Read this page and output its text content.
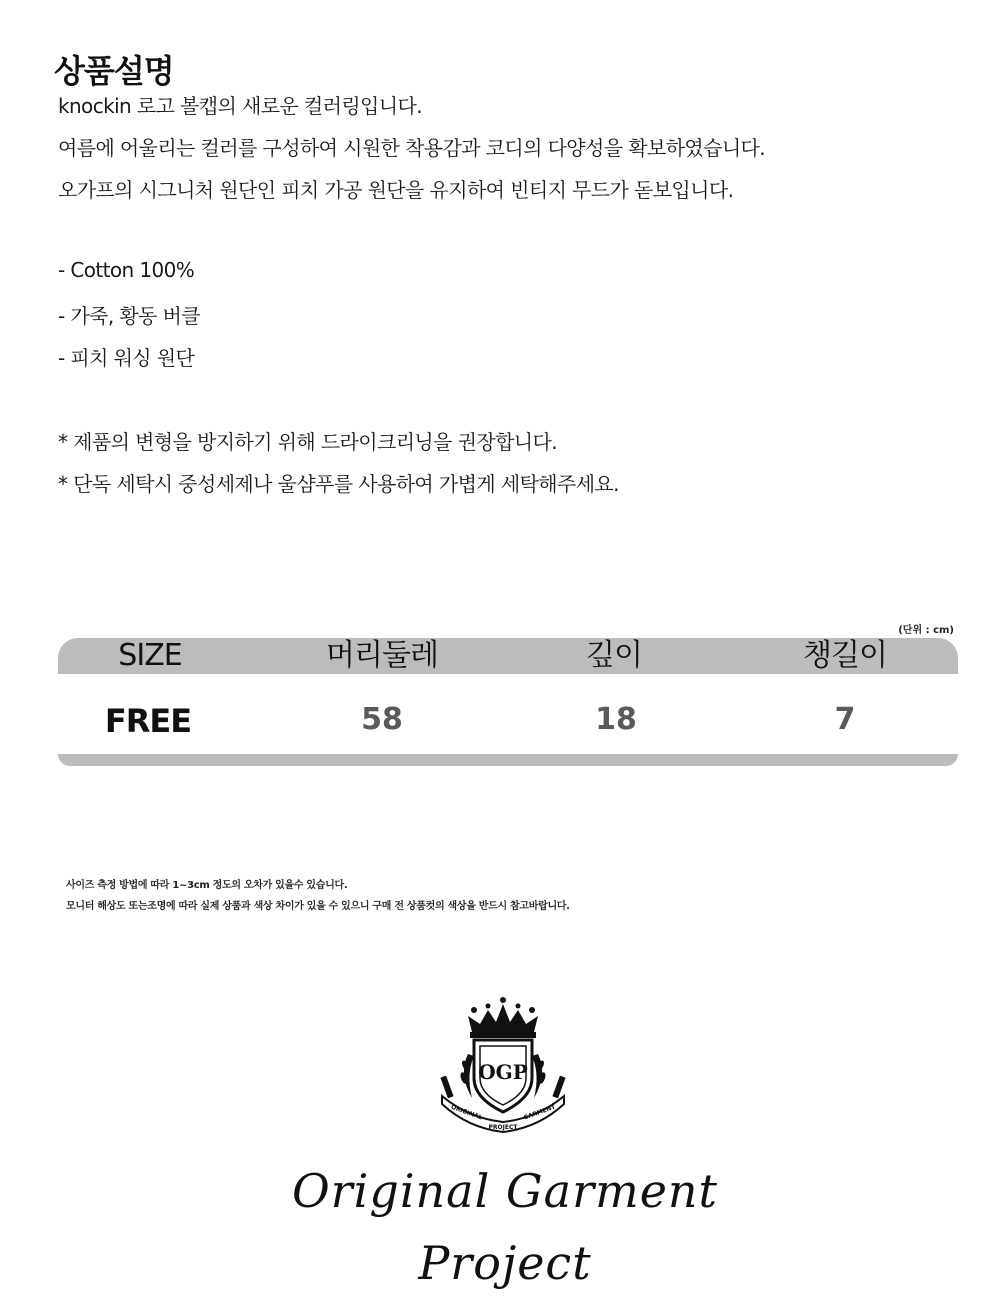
상품설명
knockin 로고 볼캡의 새로운 컬러링입니다.
여름에 어울리는 컬러를 구성하여 시원한 착용감과 코디의 다양성을 확보하였습니다.
오가프의 시그니처 원단인 피치 가공 원단을 유지하여 빈티지 무드가 돋보입니다.
- Cotton 100%
- 가죽, 황동 버클
- 피치 워싱 원단
* 제품의 변형을 방지하기 위해 드라이크리닝을 권장합니다.
* 단독 세탁시 중성세제나 울샴푸를 사용하여 가볍게 세탁해주세요.
(단위 : cm)
SIZE	머리둘레	깊이	챙길이
FREE	58	18	7
사이즈 측정 방법에 따라 1~3cm 정도의 오차가 있을수 있습니다.
모니터 해상도 또는조명에 따라 실제 상품과 색상 차이가 있을 수 있으니 구매 전 상품컷의 색상을 반드시 참고바랍니다.
OGP
ORIGINAL	GARMENT
PROJECT
Original Garment Project
